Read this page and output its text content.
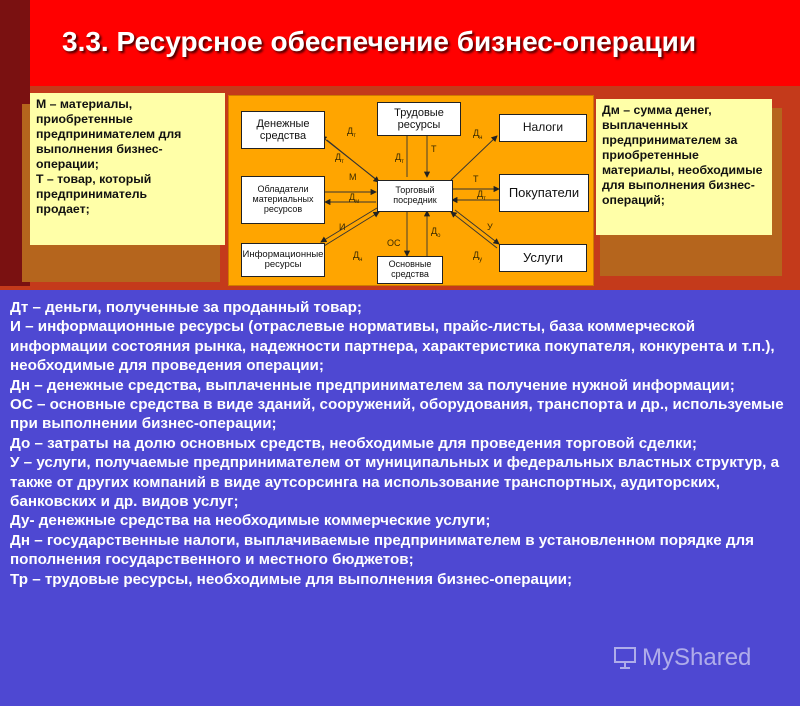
3.3. Ресурсное обеспечение бизнес-операции
М – материалы,
приобретенные
предпринимателем для
выполнения бизнес-
операции;
Т – товар, который
предприниматель
продает;
Дм – сумма денег,
выплаченных
предпринимателем за
приобретенные
материалы, необходимые
для выполнения бизнес-
операций;
Денежные средства
Трудовые ресурсы	Налоги
Обладатели материальных ресурсов
Торговый посредник
Покупатели
Информационные ресурсы	Основные средства
Услуги
$Д_т$
$Д_т$	$Д_т$
Т
$Д_н$
М
$Д_м$
Т
$Д_т$
И
$Д_н$
ОС
$Д_о$
У
$Д_у$

Дт – деньги, полученные за проданный товар;

И – информационные ресурсы (отраслевые нормативы, прайс-листы, база коммерческой информации состояния рынка, надежности партнера, характеристика покупателя, конкурента и т.п.), необходимые для проведения операции;

Дн – денежные средства, выплаченные предпринимателем за получение нужной информации;

ОС – основные средства в виде зданий, сооружений, оборудования, транспорта и др., используемые при выполнении бизнес-операции;

До – затраты на долю основных средств, необходимые для проведения торговой сделки;

У – услуги, получаемые предпринимателем от муниципальных и федеральных властных структур, а также от других компаний в виде аутсорсинга на использование транспортных, аудиторских, банковских и др. видов услуг;

Ду- денежные средства на необходимые коммерческие услуги;

Дн – государственные налоги, выплачиваемые предпринимателем в установленном порядке для пополнения государственного и местного бюджетов;

Тр – трудовые ресурсы, необходимые для выполнения бизнес-операции;

MyShared
